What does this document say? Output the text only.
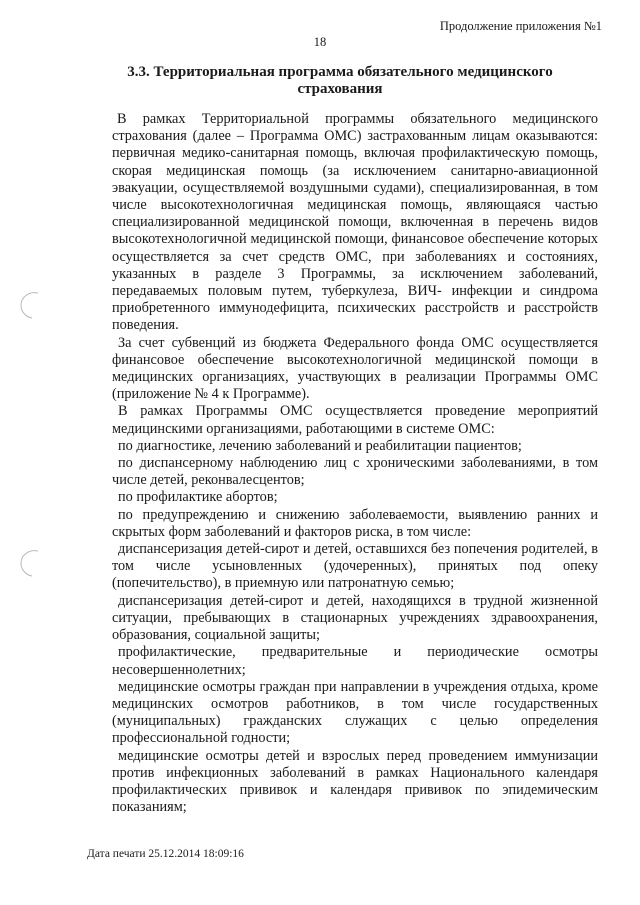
Продолжение приложения №1
18
3.3. Территориальная программа обязательного медицинского страхования

В рамках Территориальной программы обязательного медицинского страхования (далее – Программа ОМС) застрахованным лицам оказываются: первичная медико-санитарная помощь, включая профилактическую помощь, скорая медицинская помощь (за исключением санитарно-авиационной эвакуации, осуществляемой воздушными судами), специализированная, в том числе высокотехнологичная медицинская помощь, являющаяся частью специализированной медицинской помощи, включенная в перечень видов высокотехнологичной медицинской помощи, финансовое обеспечение которых осуществляется за счет средств ОМС, при заболеваниях и состояниях, указанных в разделе 3 Программы, за исключением заболеваний, передаваемых половым путем, туберкулеза, ВИЧ- инфекции и синдрома приобретенного иммунодефицита, психических расстройств и расстройств поведения.

За счет субвенций из бюджета Федерального фонда ОМС осуществляется финансовое обеспечение высокотехнологичной медицинской помощи в медицинских организациях, участвующих в реализации Программы ОМС (приложение № 4 к Программе).

В рамках Программы ОМС осуществляется проведение мероприятий медицинскими организациями, работающими в системе ОМС:

по диагностике, лечению заболеваний и реабилитации пациентов;

по диспансерному наблюдению лиц с хроническими заболеваниями, в том числе детей, реконвалесцентов;

по профилактике абортов;

по предупреждению и снижению заболеваемости, выявлению ранних и скрытых форм заболеваний и факторов риска, в том числе:

диспансеризация детей-сирот и детей, оставшихся без попечения родителей, в том числе усыновленных (удочеренных), принятых под опеку (попечительство), в приемную или патронатную семью;

диспансеризация детей-сирот и детей, находящихся в трудной жизненной ситуации, пребывающих в стационарных учреждениях здравоохранения, образования, социальной защиты;

профилактические, предварительные и периодические осмотры несовершеннолетних;

медицинские осмотры граждан при направлении в учреждения отдыха, кроме медицинских осмотров работников, в том числе государственных (муниципальных) гражданских служащих с целью определения профессиональной годности;

медицинские осмотры детей и взрослых перед проведением иммунизации против инфекционных заболеваний в рамках Национального календаря профилактических прививок и календаря прививок по эпидемическим показаниям;

Дата печати 25.12.2014 18:09:16
